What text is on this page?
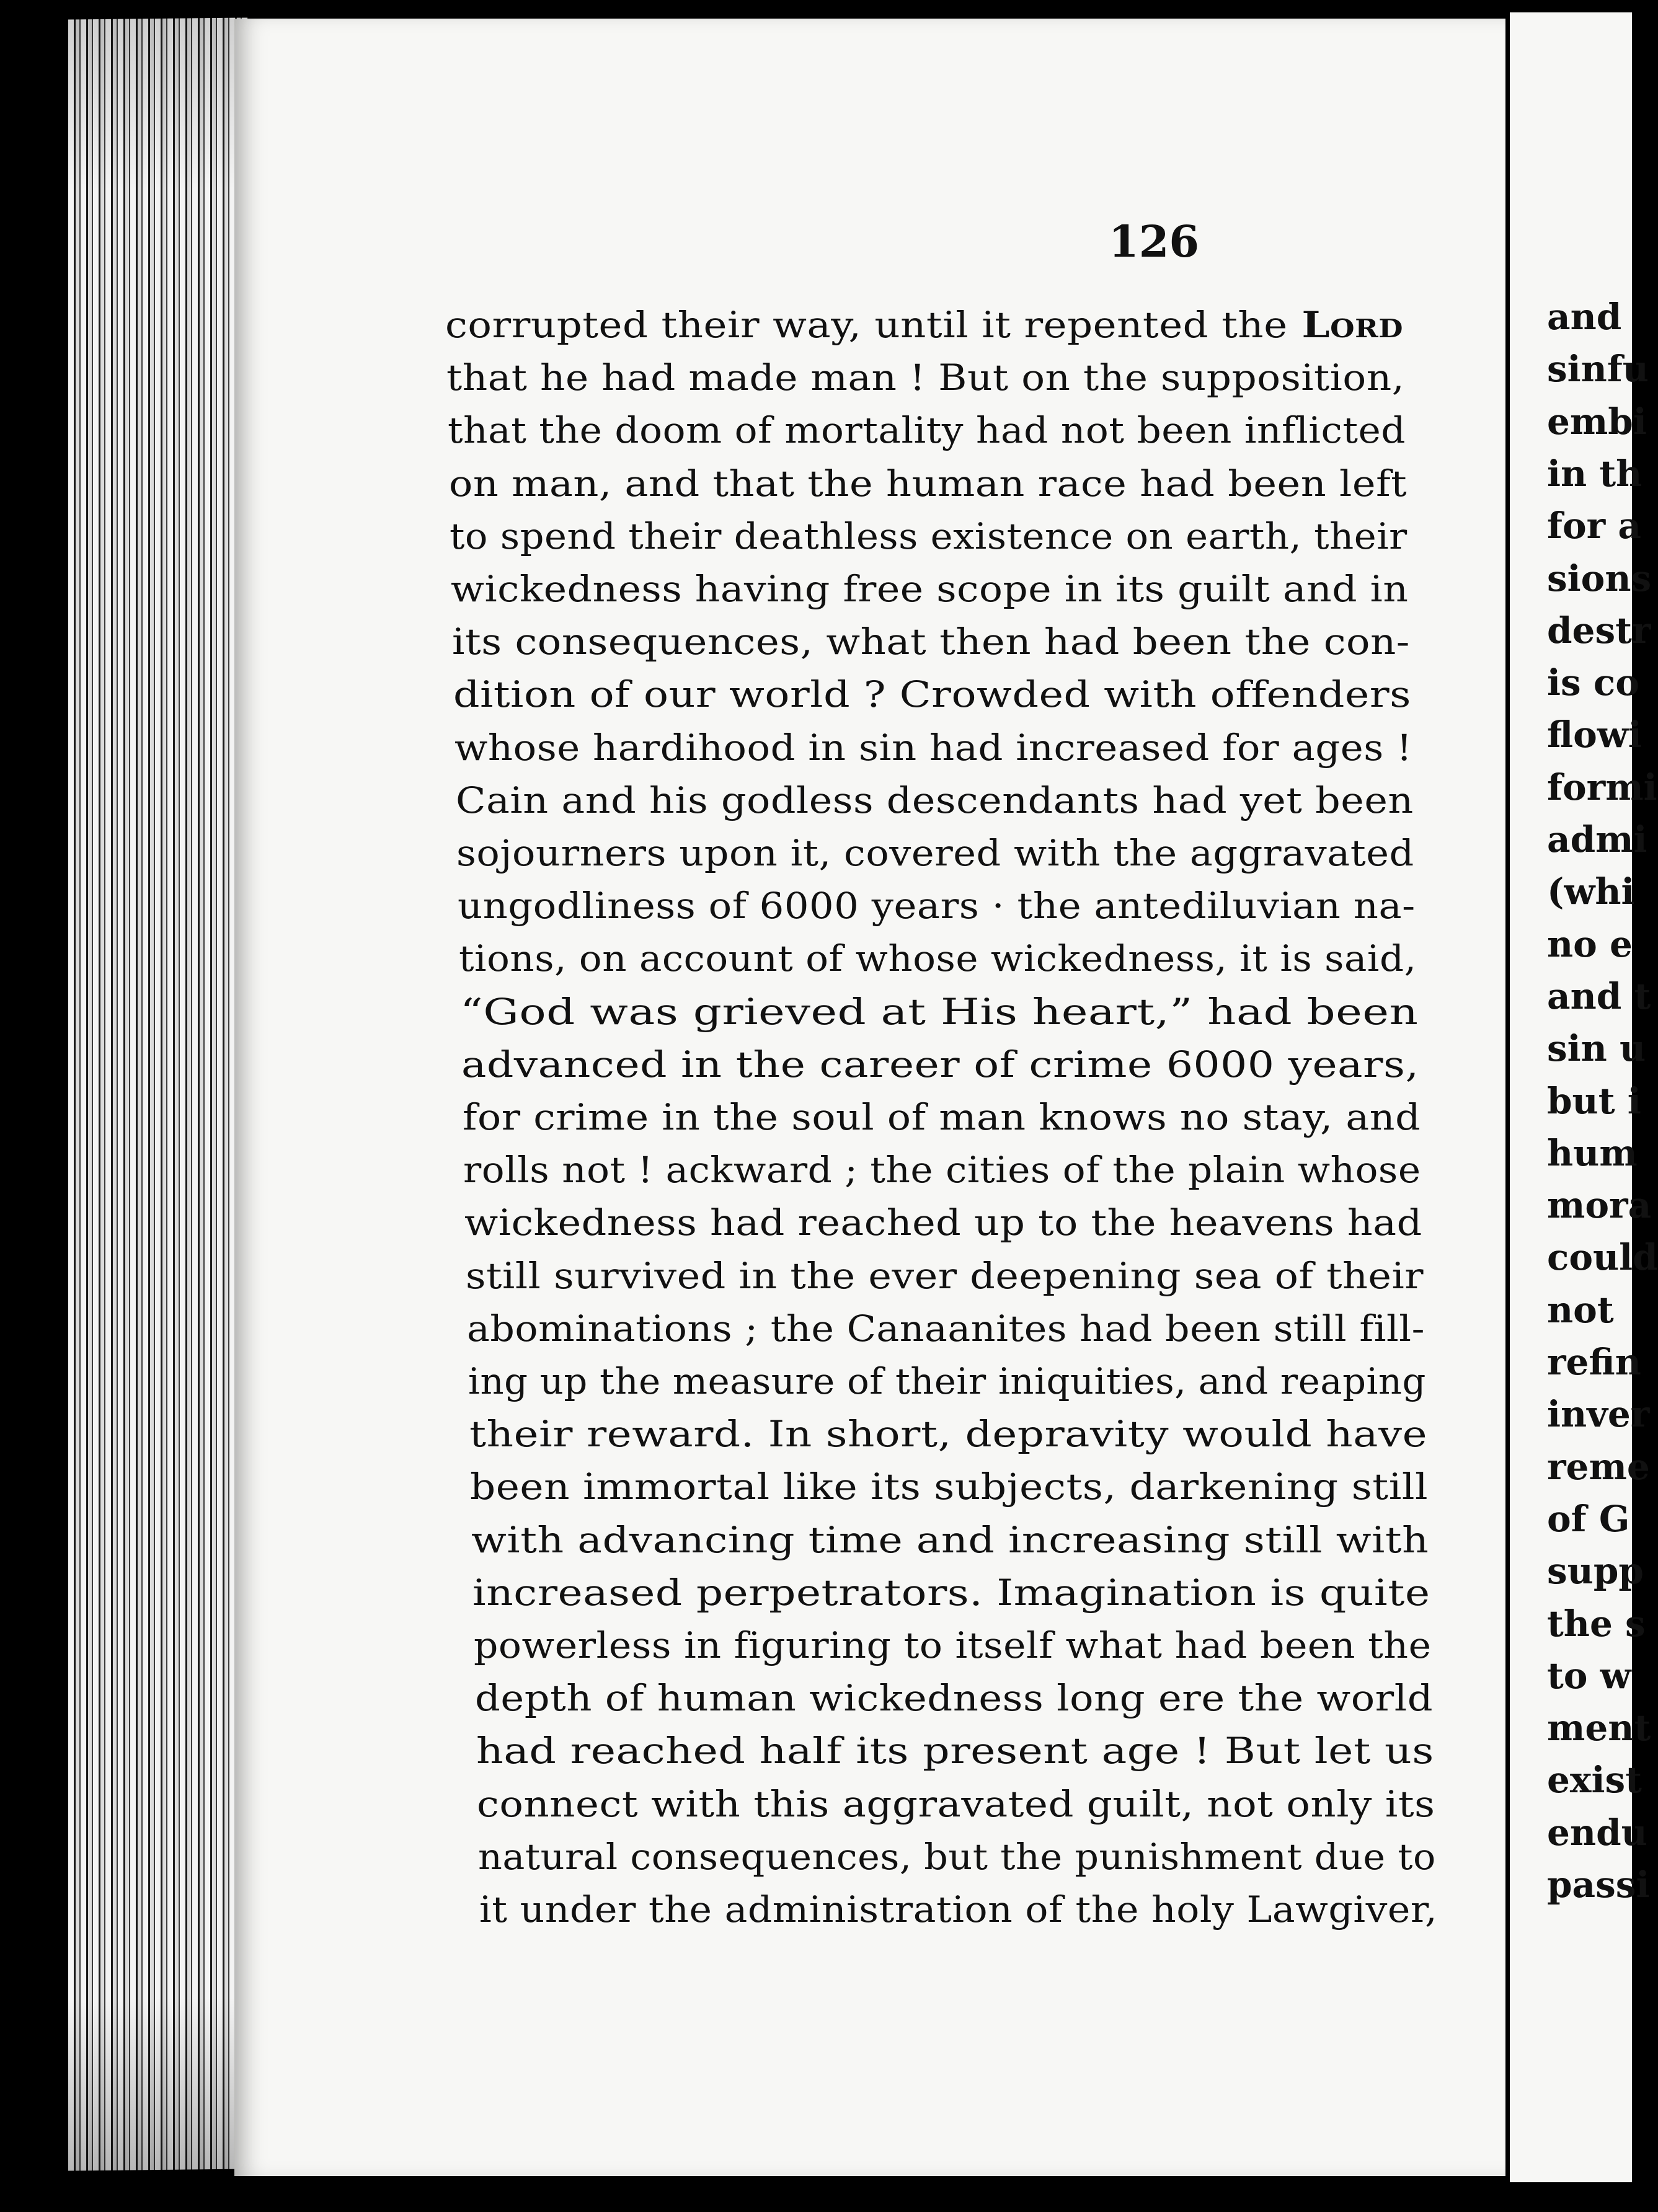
126
corrupted their way, until it repented the Lord
that he had made man ! But on the supposition,
that the doom of mortality had not been inflicted
on man, and that the human race had been left
to spend their deathless existence on earth, their
wickedness having free scope in its guilt and in
its consequences, what then had been the con-
dition of our world ? Crowded with offenders
whose hardihood in sin had increased for ages !
Cain and his godless descendants had yet been
sojourners upon it, covered with the aggravated
ungodliness of 6000 years · the antediluvian na-
tions, on account of whose wickedness, it is said,
“God was grieved at His heart,” had been
advanced in the career of crime 6000 years,
for crime in the soul of man knows no stay, and
rolls not ! ackward ; the cities of the plain whose
wickedness had reached up to the heavens had
still survived in the ever deepening sea of their
abominations ; the Canaanites had been still fill-
ing up the measure of their iniquities, and reaping
their reward. In short, depravity would have
been immortal like its subjects, darkening still
with advancing time and increasing still with
increased perpetrators. Imagination is quite
powerless in figuring to itself what had been the
depth of human wickedness long ere the world
had reached half its present age ! But let us
connect with this aggravated guilt, not only its
natural consequences, but the punishment due to
it under the administration of the holy Lawgiver,
and
sinfu
embi
in th
for a
sions
destr
is co
flowi
formi
admi
(whi
no e
and t
sin u
but i
hum
mora
could
not
refin
inver
reme
of G
supp
the s
to w
ment
exist
endu
passi
